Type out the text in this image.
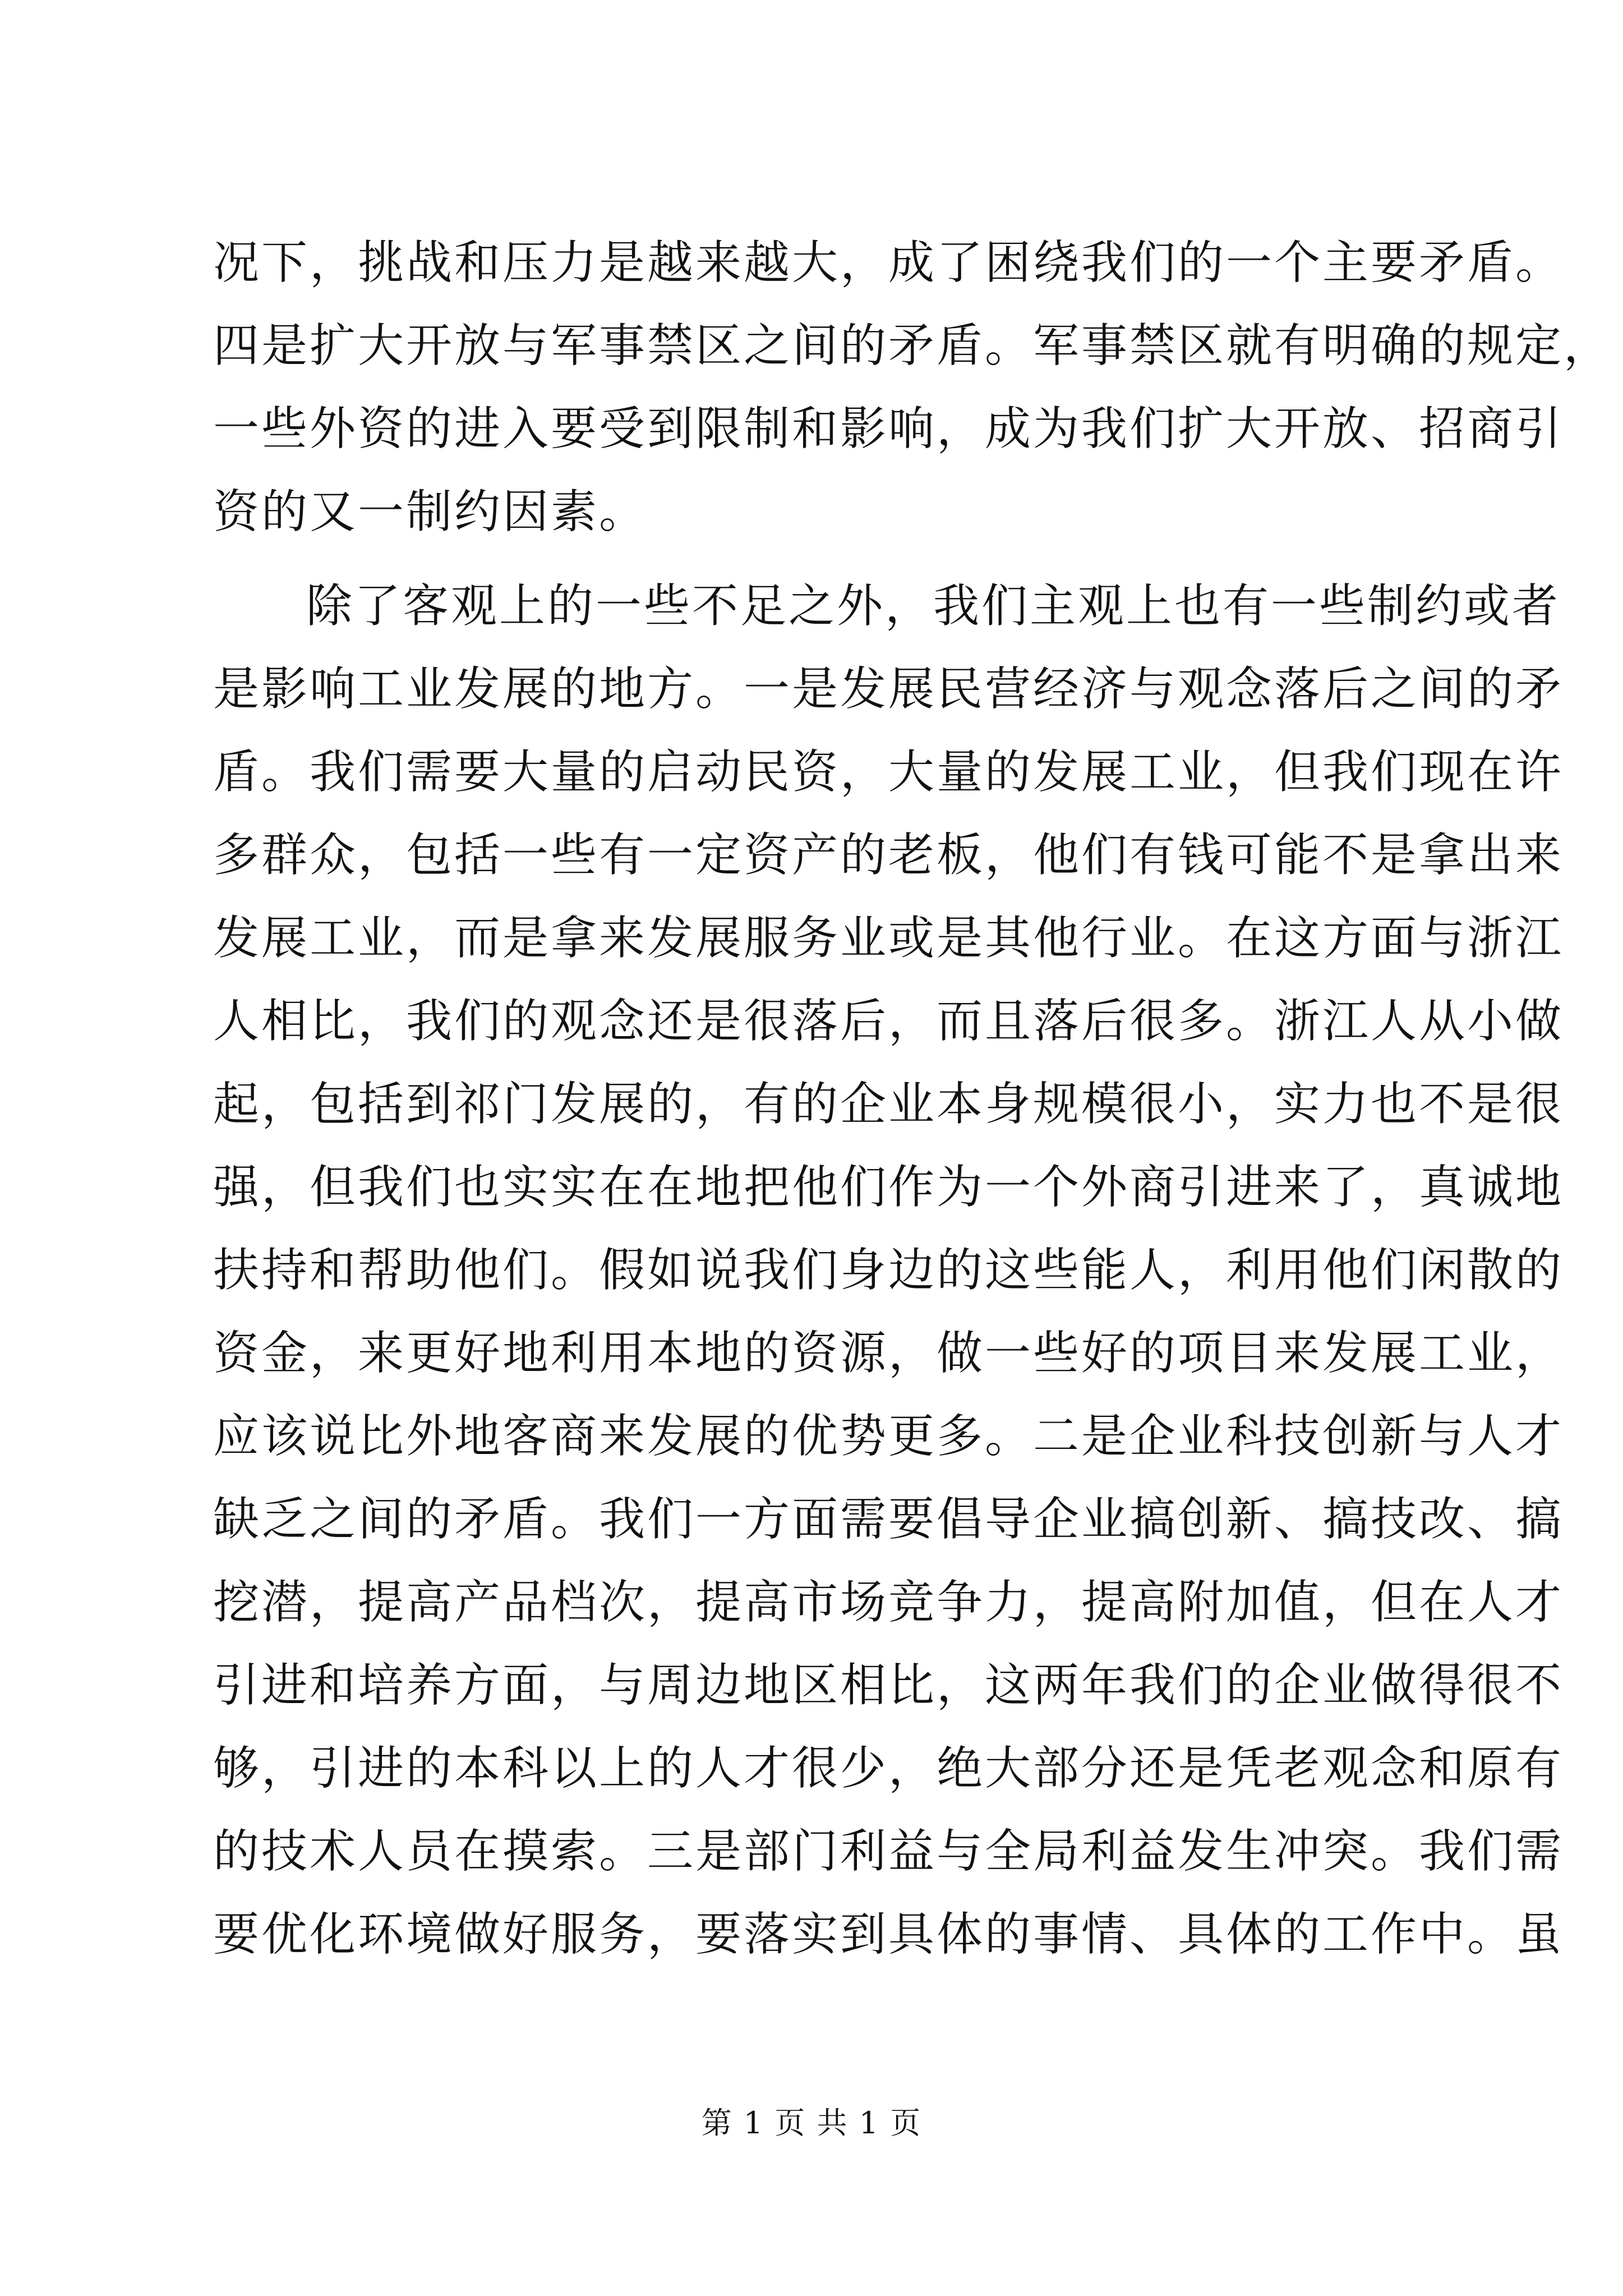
况下，挑战和压力是越来越大，成了困绕我们的一个主要矛盾。
四是扩大开放与军事禁区之间的矛盾。军事禁区就有明确的规定，
一些外资的进入要受到限制和影响，成为我们扩大开放、招商引
资的又一制约因素。
除了客观上的一些不足之外，我们主观上也有一些制约或者
是影响工业发展的地方。一是发展民营经济与观念落后之间的矛
盾。我们需要大量的启动民资，大量的发展工业，但我们现在许
多群众，包括一些有一定资产的老板，他们有钱可能不是拿出来
发展工业，而是拿来发展服务业或是其他行业。在这方面与浙江
人相比，我们的观念还是很落后，而且落后很多。浙江人从小做
起，包括到祁门发展的，有的企业本身规模很小，实力也不是很
强，但我们也实实在在地把他们作为一个外商引进来了，真诚地
扶持和帮助他们。假如说我们身边的这些能人，利用他们闲散的
资金，来更好地利用本地的资源，做一些好的项目来发展工业，
应该说比外地客商来发展的优势更多。二是企业科技创新与人才
缺乏之间的矛盾。我们一方面需要倡导企业搞创新、搞技改、搞
挖潜，提高产品档次，提高市场竞争力，提高附加值，但在人才
引进和培养方面，与周边地区相比，这两年我们的企业做得很不
够，引进的本科以上的人才很少，绝大部分还是凭老观念和原有
的技术人员在摸索。三是部门利益与全局利益发生冲突。我们需
要优化环境做好服务，要落实到具体的事情、具体的工作中。虽
第 1 页 共 1 页
